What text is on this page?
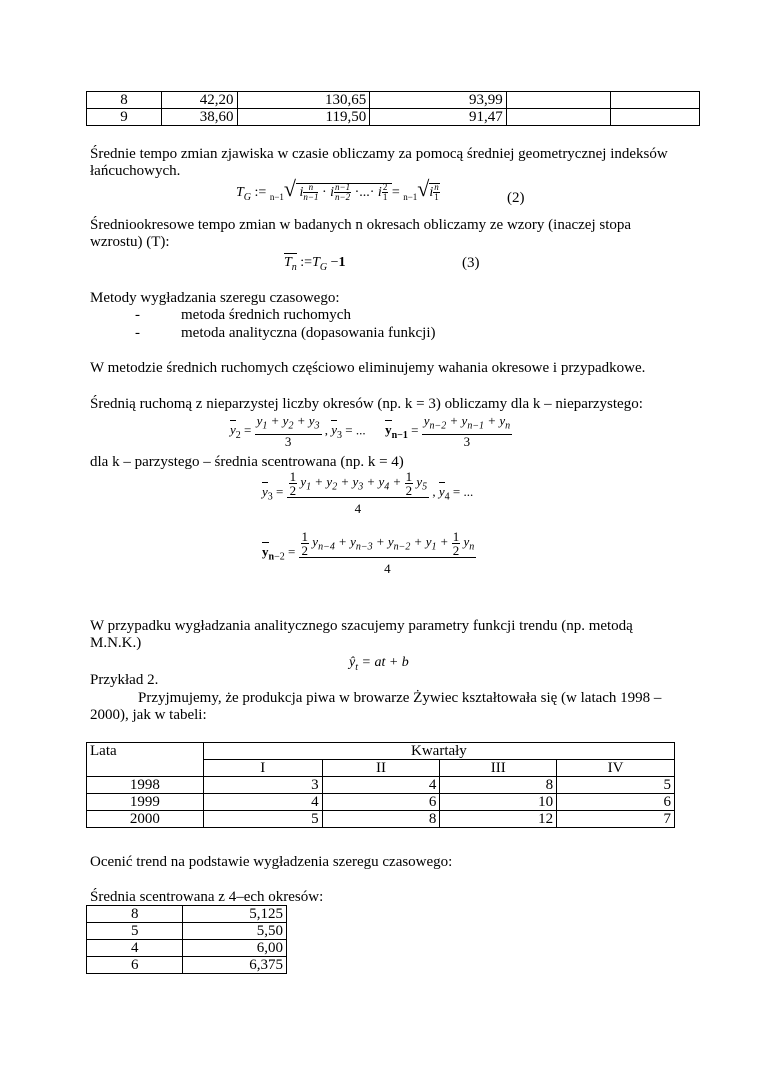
8	42,20	130,65	93,99		
9	38,60	119,50	91,47		
Średnie tempo zmian zjawiska w czasie obliczamy za pomocą średniej geometrycznej indeksów łańcuchowych.
$T_G$ := $_{n-1}$√ i $\frac{n}{n-1} \cdot i \frac{n-1}{n-2}$ ·...· i $\frac{2}{1} = _{n-1}√i \frac{n}{1}$	(2)
Średniookresowe tempo zmian w badanych n okresach obliczamy ze wzory (inaczej stopa wzrostu) (T):
$T_n$ $:=T_G -1$	(3)
Metody wygładzania szeregu czasowego:
-	metoda średnich ruchomych
-	metoda analityczna (dopasowania funkcji)
W metodzie średnich ruchomych częściowo eliminujemy wahania okresowe i przypadkowe.
Średnią ruchomą z nieparzystej liczby okresów (np. k = 3) obliczamy dla k – nieparzystego:
$y_2 = \frac{y_1 + y_2 + y_3}{3}$ , $y_3$ = ...      $y_{n-1} = \frac{y_{n-2} + y_{n-1} + y_n}{3}$
dla k – parzystego – średnia scentrowana (np. k = 4)
$y_3 = \frac{\frac{1}{2} y_1 + y_2 + y_3 + y_4 + \frac{1}{2} y_5}{4}$ , $y_4$ = ...
$y_{n-2} = \frac{\frac{1}{2} y_{n-4} + y_{n-3} + y_{n-2} + y_1 + \frac{1}{2} y_n}{4}$
W przypadku wygładzania analitycznego szacujemy parametry funkcji trendu (np. metodą M.N.K.)
$ŷ_t$ = at + b
Przykład 2.
Przyjmujemy, że produkcja piwa w browarze Żywiec kształtowała się (w latach 1998 – 2000), jak w tabeli:
Lata	Kwartały			
	I	II	III	IV
1998	3	4	8	5
1999	4	6	10	6
2000	5	8	12	7
Ocenić trend na podstawie wygładzenia szeregu czasowego:
Średnia scentrowana z 4–ech okresów:
8	5,125
5	5,50
4	6,00
6	6,375
